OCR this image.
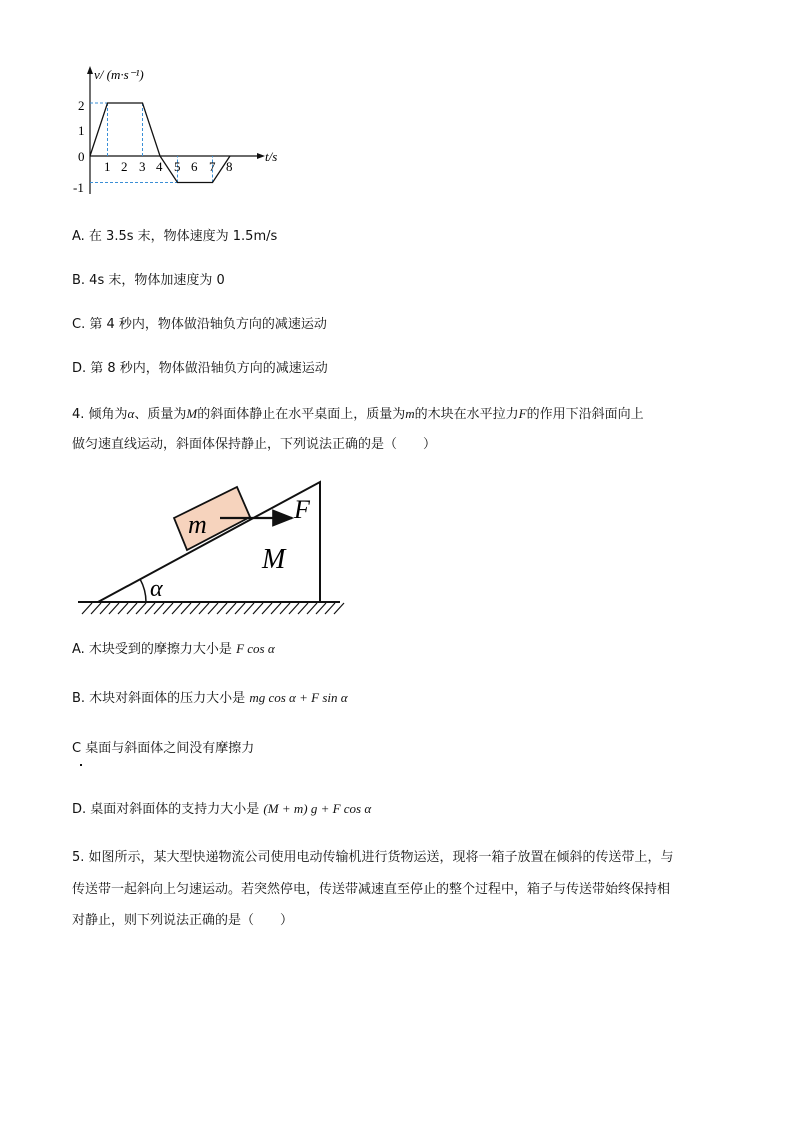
v/ (m·s⁻¹)
t/s
2
1
0
-1
1 2 3 4 5 6 7 8
A. 在 3.5s 末，物体速度为 1.5m/s
B. 4s 末，物体加速度为 0
C. 第 4 秒内，物体做沿轴负方向的减速运动
D. 第 8 秒内，物体做沿轴负方向的减速运动
4. 倾角为α、质量为M的斜面体静止在水平桌面上，质量为m的木块在水平拉力F的作用下沿斜面向上
做匀速直线运动，斜面体保持静止，下列说法正确的是（　　）
m
F
M
α
A. 木块受到的摩擦力大小是 F cos α
B. 木块对斜面体的压力大小是 mg cos α + F sin α
C 桌面与斜面体之间没有摩擦力
D. 桌面对斜面体的支持力大小是 (M + m) g + F cos α
5. 如图所示，某大型快递物流公司使用电动传输机进行货物运送，现将一箱子放置在倾斜的传送带上，与
传送带一起斜向上匀速运动。若突然停电，传送带减速直至停止的整个过程中，箱子与传送带始终保持相
对静止，则下列说法正确的是（　　）
